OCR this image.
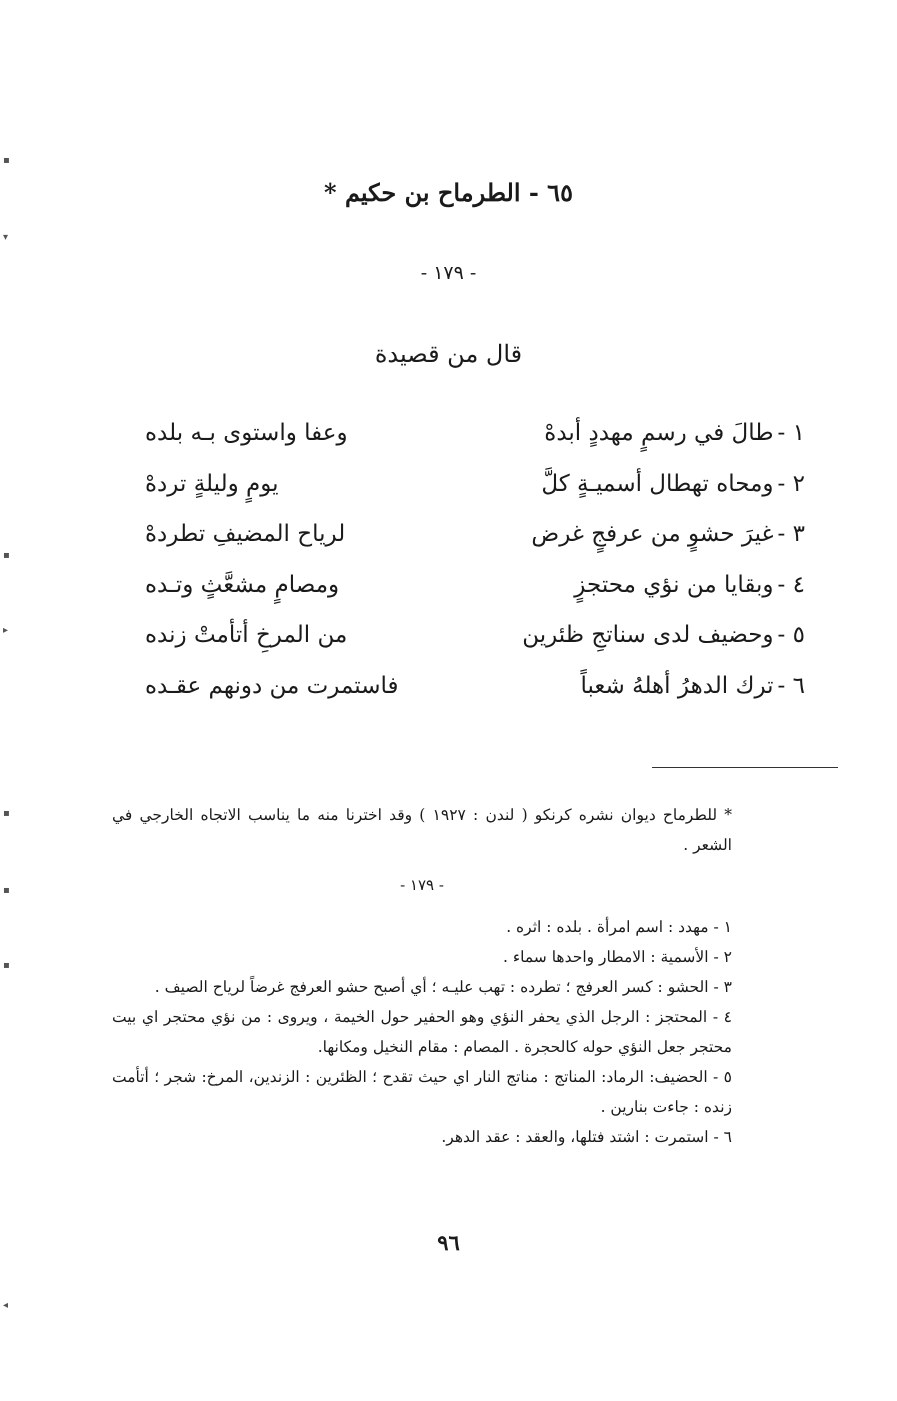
٦٥ - الطرماح بن حكيم *
- ١٧٩ -
قال من قصيدة
١ -طالَ في رسمٍ مهددٍ أبدهْ
وعفا واستوى بـه بلده
٢ -ومحاه تهطال أسميـةٍ كلَّ
يومٍ وليلةٍ تردهْ
٣ -غيرَ حشوٍ من عرفجٍ غرض
لرياح المضيفِ تطردهْ
٤ -وبقايا من نؤي محتجزٍ
ومصامٍ مشعَّثٍ وتـده
٥ -وحضيف لدى سناتجِ ظئرين
من المرخِ أتأمتْ زنده
٦ -ترك الدهرُ أهلهُ شعباً
فاستمرت من دونهم عقـده

* للطرماح ديوان نشره كرنكو ( لندن : ١٩٢٧ ) وقد اخترنا منه ما يناسب الاتجاه الخارجي في الشعر .

- ١٧٩ -

١ - مهدد : اسم امرأة . بلده : اثره .

٢ - الأسمية : الامطار واحدها سماء .

٣ - الحشو : كسر العرفج ؛ تطرده : تهب عليـه ؛ أي أصبح حشو العرفج غرضاً لرياح الصيف .

٤ - المحتجز : الرجل الذي يحفر النؤي وهو الحفير حول الخيمة ، ويروى : من نؤي محتجر اي بيت محتجر جعل النؤي حوله كالحجرة . المصام : مقام النخيل ومكانها.

٥ - الحضيف: الرماد: المناتج : مناتج النار اي حيث تقدح ؛ الظئرين : الزندين، المرخ: شجر ؛ أتأمت زنده : جاءت بنارين .

٦ - استمرت : اشتد فتلها، والعقد : عقد الدهر.

٩٦
▪
▾
▪
▸
▪
▪
▪
◂
